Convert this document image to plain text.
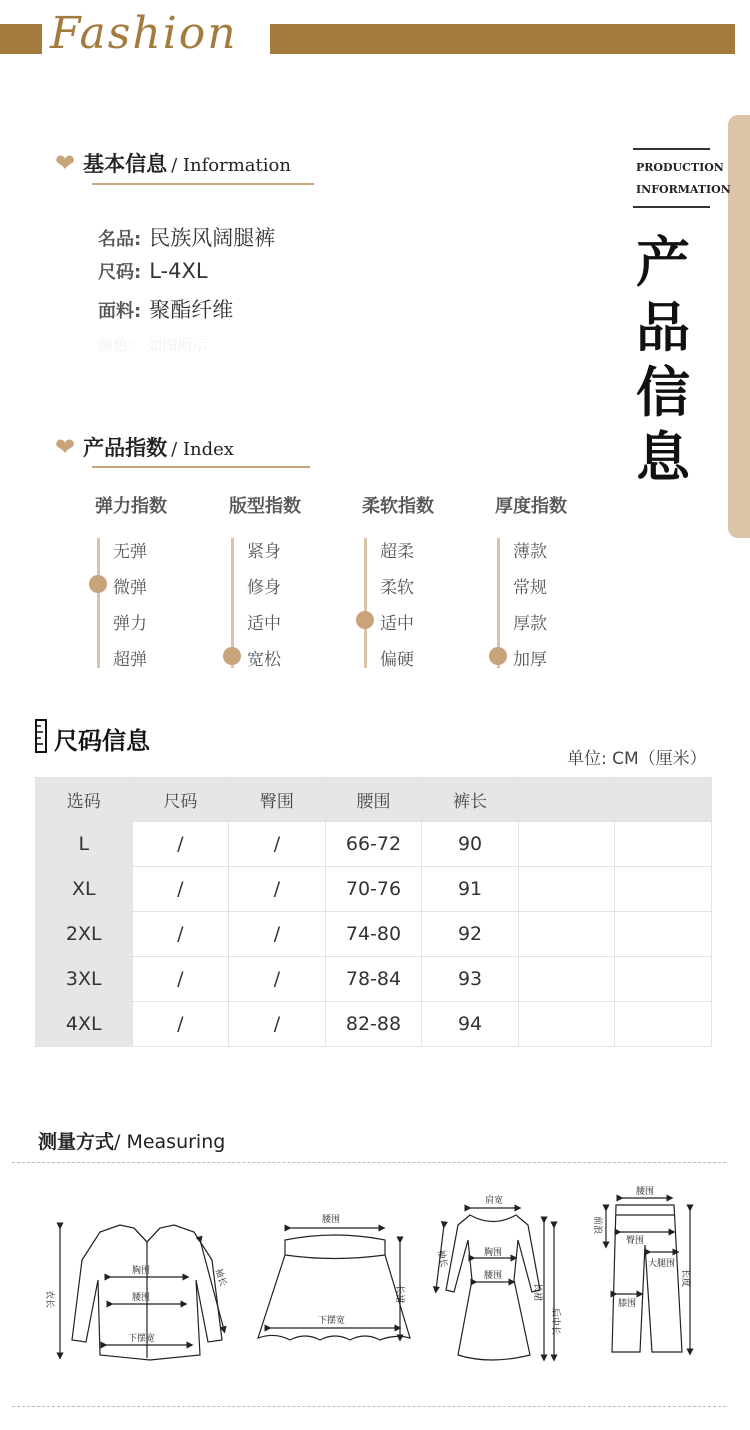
Fashion
PRODUCTION
INFORMATION
产
品
信
息
❤ 基本信息 / Information
名品: 民族风阔腿裤
尺码: L-4XL
面料: 聚酯纤维
颜色: 如图所示
❤ 产品指数 / Index
弹力指数
无弹
微弹
弹力
超弹
版型指数
紧身
修身
适中
宽松
柔软指数
超柔
柔软
适中
偏硬
厚度指数
薄款
常规
厚款
加厚
尺码信息
单位: CM（厘米）
选码	尺码	臀围	腰围	裤长		
L	/	/	66-72	90		
XL	/	/	70-76	91		
2XL	/	/	74-80	92		
3XL	/	/	78-84	93		
4XL	/	/	82-88	94		
测量方式/ Measuring
衣长
胸围
腰围
下摆宽
袖长
腰围
长裙
下摆宽
肩宽
胸围
腰围
袖长
长裙
后中长
腰围
前浪
臀围
大腿围
膝围
长度
